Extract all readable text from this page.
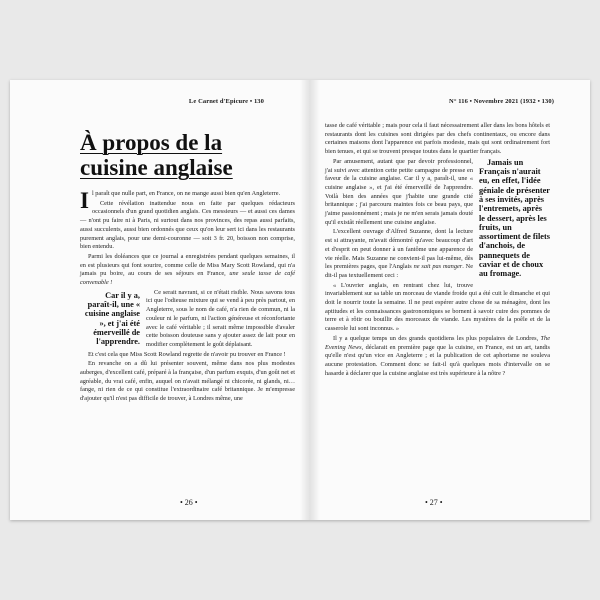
Le Carnet d'Epicure • 130
À propos de la
cuisine anglaise

Il paraît que nulle part, en France, on ne mange aussi bien qu'en Angleterre.

Cette révélation inattendue nous en faite par quelques rédacteurs occasionnels d'un grand quotidien anglais. Ces messieurs — et aussi ces dames — n'ont pu faire ni à Paris, ni surtout dans nos provinces, des repas aussi parfaits, aussi succulents, aussi bien ordonnés que ceux qu'on leur sert ici dans les restaurants purement anglais, pour une demi-couronne — soit 3 fr. 20, boisson non comprise, bien entendu.

Parmi les doléances que ce journal a enregistrées pendant quelques semaines, il en est plusieurs qui font sourire, comme celle de Miss Mary Scott Rowland, qui n'a jamais pu boire, au cours de ses séjours en France, une seule tasse de café convenable !

Car il y a, paraît-il, une « cuisine anglaise », et j'ai été émerveillé de l'apprendre.
Ce serait navrant, si ce n'était risible. Nous savons tous ici que l'odieuse mixture qui se vend à peu près partout, en Angleterre, sous le nom de café, n'a rien de commun, ni la couleur ni le parfum, ni l'action généreuse et réconfortante avec le café véritable ; il serait même impossible d'avaler cette boisson douteuse sans y ajouter assez de lait pour en modifier complètement le goût déplaisant.

Et c'est cela que Miss Scott Rowland regrette de n'avoir pu trouver en France !

En revanche on a dû lui présenter souvent, même dans nos plus modestes auberges, d'excellent café, préparé à la française, d'un parfum exquis, d'un goût net et agréable, du vrai café, enfin, auquel on n'avait mélangé ni chicorée, ni glands, ni… fange, ni rien de ce qui constitue l'extraordinaire café britannique. Je m'empresse d'ajouter qu'il n'est pas difficile de trouver, à Londres même, une

• 26 •
N° 116 • Novembre 2021 (1932 • 130)

tasse de café véritable ; mais pour cela il faut nécessairement aller dans les bons hôtels et restaurants dont les cuisines sont dirigées par des chefs continentaux, ou encore dans certaines maisons dont l'apparence est parfois modeste, mais qui sont ordinairement fort bien tenues, et qui se trouvent presque toutes dans le quartier français.

Jamais un Français n'aurait eu, en effet, l'idée géniale de présenter à ses invités, après l'entremets, après le dessert, après les fruits, un assortiment de filets d'anchois, de pannequets de caviar et de choux au fromage.
Par amusement, autant que par devoir professionnel, j'ai suivi avec attention cette petite campagne de presse en faveur de la cuisine anglaise. Car il y a, paraît-il, une « cuisine anglaise », et j'ai été émerveillé de l'apprendre. Voilà bien des années que j'habite une grande cité britannique ; j'ai parcouru maintes fois ce beau pays, que j'aime passionnément ; mais je ne m'en serais jamais douté qu'il existât réellement une cuisine anglaise.

L'excellent ouvrage d'Alfred Suzanne, dont la lecture est si attrayante, m'avait démontré qu'avec beaucoup d'art et d'esprit on peut donner à un fantôme une apparence de vie réelle. Mais Suzanne ne convient-il pas lui-même, dès les premières pages, que l'Anglais ne sait pas manger. Ne dit-il pas textuellement ceci :

« L'ouvrier anglais, en rentrant chez lui, trouve invariablement sur sa table un morceau de viande froide qui a été cuit le dimanche et qui doit le nourrir toute la semaine. Il ne peut espérer autre chose de sa ménagère, dont les aptitudes et les connaissances gastronomiques se bornent à savoir cuire des pommes de terre et à rôtir ou bouillir des morceaux de viande. Les mystères de la poêle et de la casserole lui sont inconnus. »

Il y a quelque temps un des grands quotidiens les plus populaires de Londres, The Evening News, déclarait en première page que la cuisine, en France, est un art, tandis qu'elle n'est qu'un vice en Angleterre ; et la publication de cet aphorisme ne souleva aucune protestation. Comment donc se fait-il qu'à quelques mois d'intervalle on se hasarde à déclarer que la cuisine anglaise est très supérieure à la nôtre ?

• 27 •
